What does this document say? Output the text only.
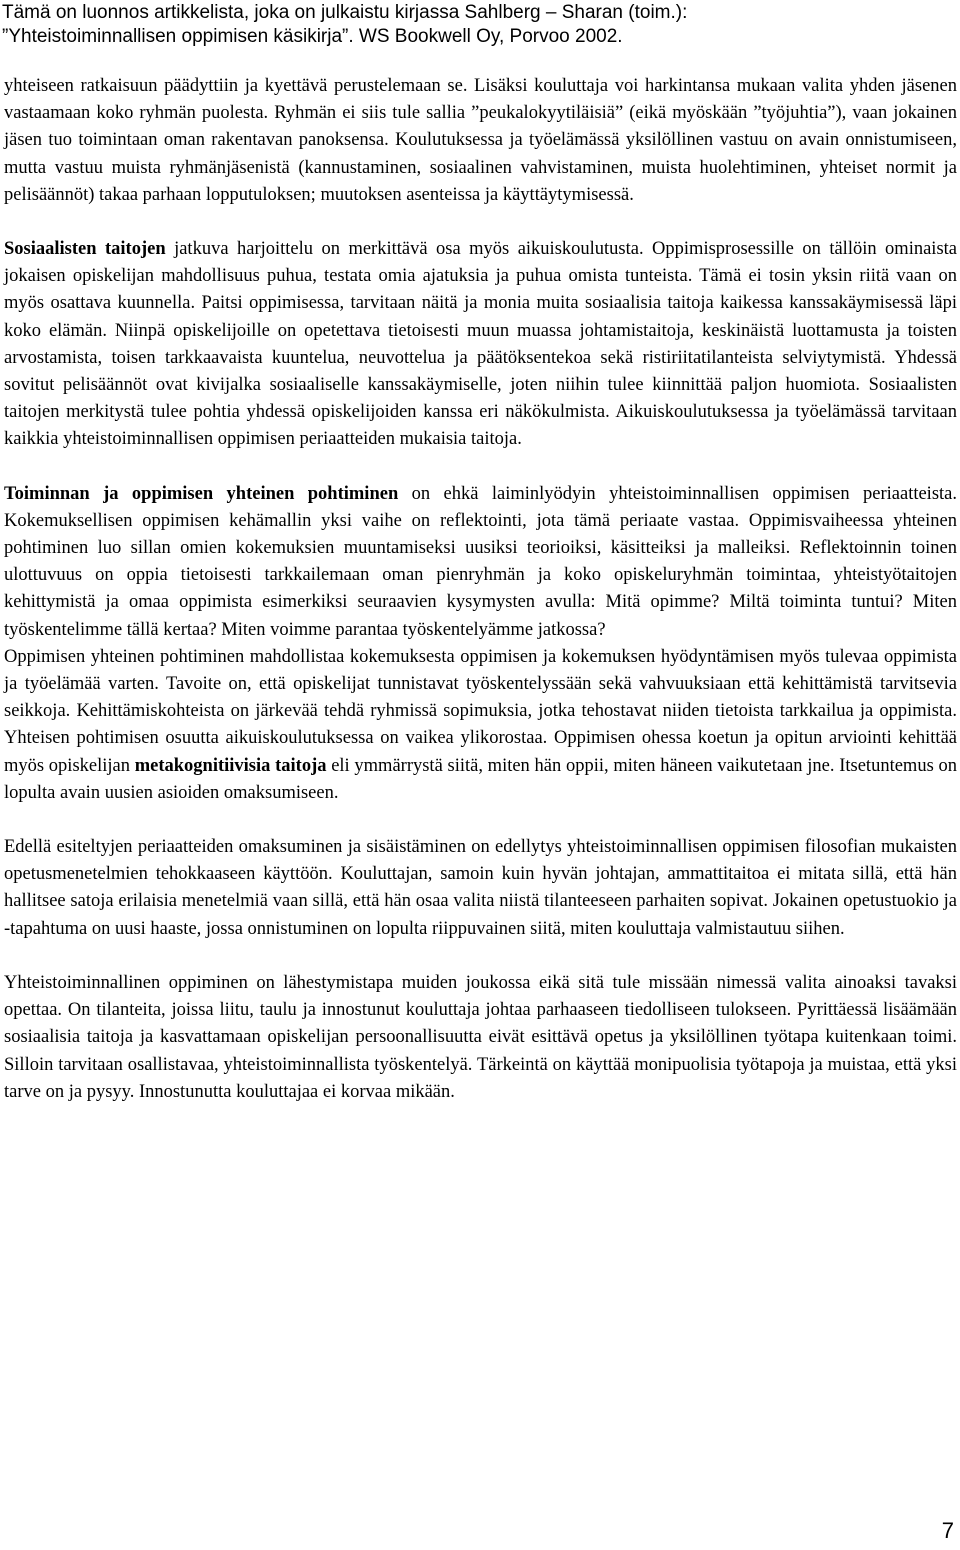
Tämä on luonnos artikkelista, joka on julkaistu kirjassa Sahlberg – Sharan (toim.):
”Yhteistoiminnallisen oppimisen käsikirja”. WS Bookwell Oy, Porvoo 2002.

yhteiseen ratkaisuun päädyttiin ja kyettävä perustelemaan se. Lisäksi kouluttaja voi harkintansa mukaan valita yhden jäsenen vastaamaan koko ryhmän puolesta. Ryhmän ei siis tule sallia ”peukalokyytiläisiä” (eikä myöskään ”työjuhtia”), vaan jokainen jäsen tuo toimintaan oman rakentavan panoksensa. Koulutuksessa ja työelämässä yksilöllinen vastuu on avain onnistumiseen, mutta vastuu muista ryhmänjäsenistä (kannustaminen, sosiaalinen vahvistaminen, muista huolehtiminen, yhteiset normit ja pelisäännöt) takaa parhaan lopputuloksen; muutoksen asenteissa ja käyttäytymisessä.

Sosiaalisten taitojen jatkuva harjoittelu on merkittävä osa myös aikuiskoulutusta. Oppimisprosessille on tällöin ominaista jokaisen opiskelijan mahdollisuus puhua, testata omia ajatuksia ja puhua omista tunteista. Tämä ei tosin yksin riitä vaan on myös osattava kuunnella. Paitsi oppimisessa, tarvitaan näitä ja monia muita sosiaalisia taitoja kaikessa kanssakäymisessä läpi koko elämän. Niinpä opiskelijoille on opetettava tietoisesti muun muassa johtamistaitoja, keskinäistä luottamusta ja toisten arvostamista, toisen tarkkaavaista kuuntelua, neuvottelua ja päätöksentekoa sekä ristiriitatilanteista selviytymistä. Yhdessä sovitut pelisäännöt ovat kivijalka sosiaaliselle kanssakäymiselle, joten niihin tulee kiinnittää paljon huomiota. Sosiaalisten taitojen merkitystä tulee pohtia yhdessä opiskelijoiden kanssa eri näkökulmista. Aikuiskoulutuksessa ja työelämässä tarvitaan kaikkia yhteistoiminnallisen oppimisen periaatteiden mukaisia taitoja.

Toiminnan ja oppimisen yhteinen pohtiminen on ehkä laiminlyödyin yhteistoiminnallisen oppimisen periaatteista. Kokemuksellisen oppimisen kehämallin yksi vaihe on reflektointi, jota tämä periaate vastaa. Oppimisvaiheessa yhteinen pohtiminen luo sillan omien kokemuksien muuntamiseksi uusiksi teorioiksi, käsitteiksi ja malleiksi. Reflektoinnin toinen ulottuvuus on oppia tietoisesti tarkkailemaan oman pienryhmän ja koko opiskeluryhmän toimintaa, yhteistyötaitojen kehittymistä ja omaa oppimista esimerkiksi seuraavien kysymysten avulla: Mitä opimme? Miltä toiminta tuntui? Miten työskentelimme tällä kertaa? Miten voimme parantaa työskentelyämme jatkossa?

Oppimisen yhteinen pohtiminen mahdollistaa kokemuksesta oppimisen ja kokemuksen hyödyntämisen myös tulevaa oppimista ja työelämää varten. Tavoite on, että opiskelijat tunnistavat työskentelyssään sekä vahvuuksiaan että kehittämistä tarvitsevia seikkoja. Kehittämiskohteista on järkevää tehdä ryhmissä sopimuksia, jotka tehostavat niiden tietoista tarkkailua ja oppimista. Yhteisen pohtimisen osuutta aikuiskoulutuksessa on vaikea ylikorostaa. Oppimisen ohessa koetun ja opitun arviointi kehittää myös opiskelijan metakognitiivisia taitoja eli ymmärrystä siitä, miten hän oppii, miten häneen vaikutetaan jne. Itsetuntemus on lopulta avain uusien asioiden omaksumiseen.

Edellä esiteltyjen periaatteiden omaksuminen ja sisäistäminen on edellytys yhteistoiminnallisen oppimisen filosofian mukaisten opetusmenetelmien tehokkaaseen käyttöön. Kouluttajan, samoin kuin hyvän johtajan, ammattitaitoa ei mitata sillä, että hän hallitsee satoja erilaisia menetelmiä vaan sillä, että hän osaa valita niistä tilanteeseen parhaiten sopivat. Jokainen opetustuokio ja -tapahtuma on uusi haaste, jossa onnistuminen on lopulta riippuvainen siitä, miten kouluttaja valmistautuu siihen.

Yhteistoiminnallinen oppiminen on lähestymistapa muiden joukossa eikä sitä tule missään nimessä valita ainoaksi tavaksi opettaa. On tilanteita, joissa liitu, taulu ja innostunut kouluttaja johtaa parhaaseen tiedolliseen tulokseen. Pyrittäessä lisäämään sosiaalisia taitoja ja kasvattamaan opiskelijan persoonallisuutta eivät esittävä opetus ja yksilöllinen työtapa kuitenkaan toimi. Silloin tarvitaan osallistavaa, yhteistoiminnallista työskentelyä. Tärkeintä on käyttää monipuolisia työtapoja ja muistaa, että yksi tarve on ja pysyy. Innostunutta kouluttajaa ei korvaa mikään.

7
